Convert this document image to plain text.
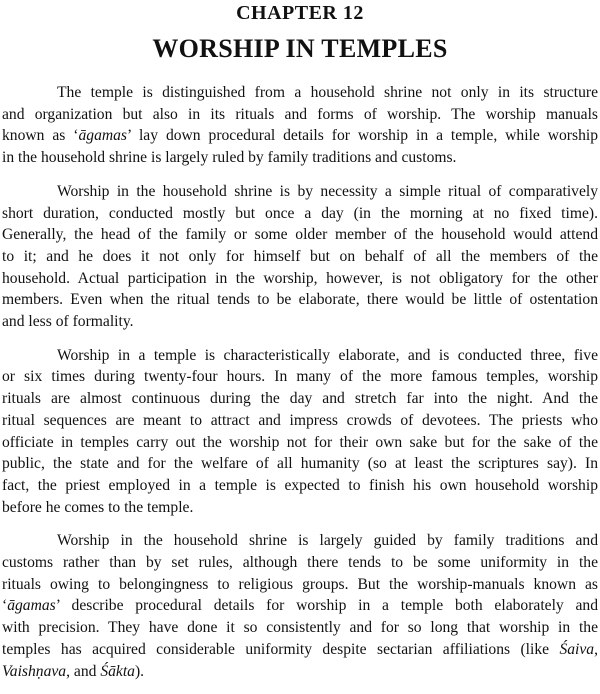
CHAPTER 12
WORSHIP IN TEMPLES
The temple is distinguished from a household shrine not only in its structure
and organization but also in its rituals and forms of worship. The worship manuals
known as ‘āgamas’ lay down procedural details for worship in a temple, while worship
in the household shrine is largely ruled by family traditions and customs.
Worship in the household shrine is by necessity a simple ritual of comparatively
short duration, conducted mostly but once a day (in the morning at no fixed time).
Generally, the head of the family or some older member of the household would attend
to it; and he does it not only for himself but on behalf of all the members of the
household. Actual participation in the worship, however, is not obligatory for the other
members. Even when the ritual tends to be elaborate, there would be little of ostentation
and less of formality.
Worship in a temple is characteristically elaborate, and is conducted three, five
or six times during twenty-four hours. In many of the more famous temples, worship
rituals are almost continuous during the day and stretch far into the night. And the
ritual sequences are meant to attract and impress crowds of devotees. The priests who
officiate in temples carry out the worship not for their own sake but for the sake of the
public, the state and for the welfare of all humanity (so at least the scriptures say). In
fact, the priest employed in a temple is expected to finish his own household worship
before he comes to the temple.
Worship in the household shrine is largely guided by family traditions and
customs rather than by set rules, although there tends to be some uniformity in the
rituals owing to belongingness to religious groups. But the worship-manuals known as
‘āgamas’ describe procedural details for worship in a temple both elaborately and
with precision. They have done it so consistently and for so long that worship in the
temples has acquired considerable uniformity despite sectarian affiliations (like Śaiva,
Vaishṇava, and Śākta).
